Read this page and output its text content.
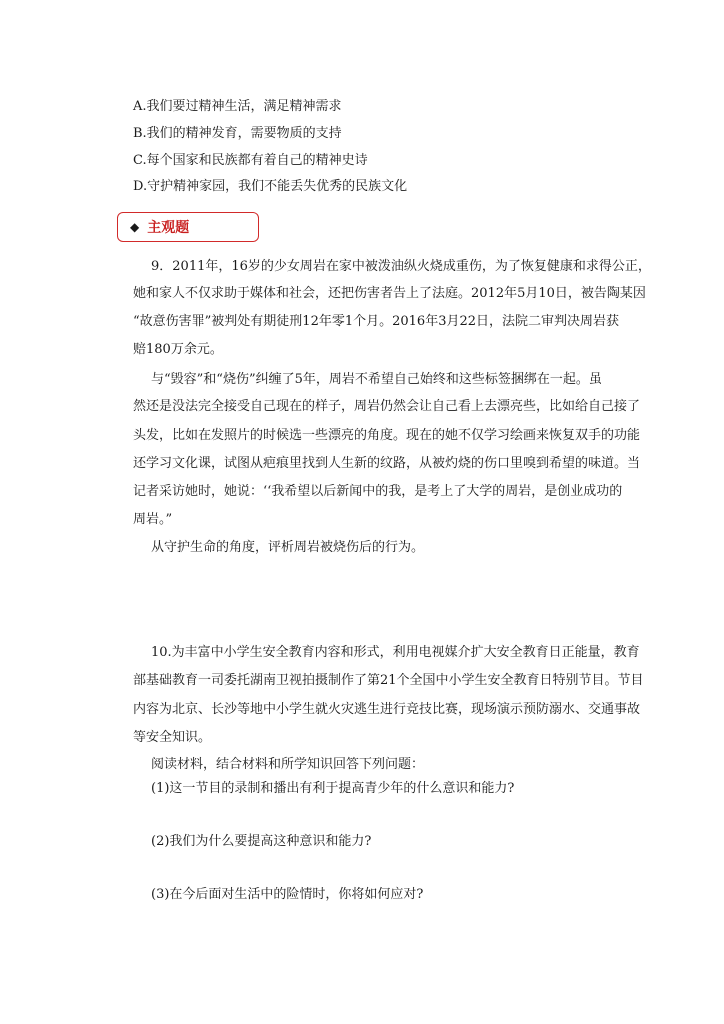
A.我们要过精神生活，满足精神需求
B.我们的精神发育，需要物质的支持
C.每个国家和民族都有着自己的精神史诗
D.守护精神家园，我们不能丢失优秀的民族文化
◆ 主观题
9．2011年，16岁的少女周岩在家中被泼油纵火烧成重伤，为了恢复健康和求得公正，
她和家人不仅求助于媒体和社会，还把伤害者告上了法庭。2012年5月10日，被告陶某因
“故意伤害罪”被判处有期徒刑12年零1个月。2016年3月22日，法院二审判决周岩获
赔180万余元。
与“毁容”和“烧伤”纠缠了5年，周岩不希望自己始终和这些标签捆绑在一起。虽
然还是没法完全接受自己现在的样子，周岩仍然会让自己看上去漂亮些，比如给自己接了
头发，比如在发照片的时候选一些漂亮的角度。现在的她不仅学习绘画来恢复双手的功能
还学习文化课，试图从疤痕里找到人生新的纹路，从被灼烧的伤口里嗅到希望的味道。当
记者采访她时，她说：‘‘我希望以后新闻中的我，是考上了大学的周岩，是创业成功的
周岩。”
从守护生命的角度，评析周岩被烧伤后的行为。
10.为丰富中小学生安全教育内容和形式，利用电视媒介扩大安全教育日正能量，教育
部基础教育一司委托湖南卫视拍摄制作了第21个全国中小学生安全教育日特别节目。节目
内容为北京、长沙等地中小学生就火灾逃生进行竞技比赛，现场演示预防溺水、交通事故
等安全知识。
阅读材料，结合材料和所学知识回答下列问题：
(1)这一节目的录制和播出有利于提高青少年的什么意识和能力?
(2)我们为什么要提高这种意识和能力?
(3)在今后面对生活中的险情时，你将如何应对?
